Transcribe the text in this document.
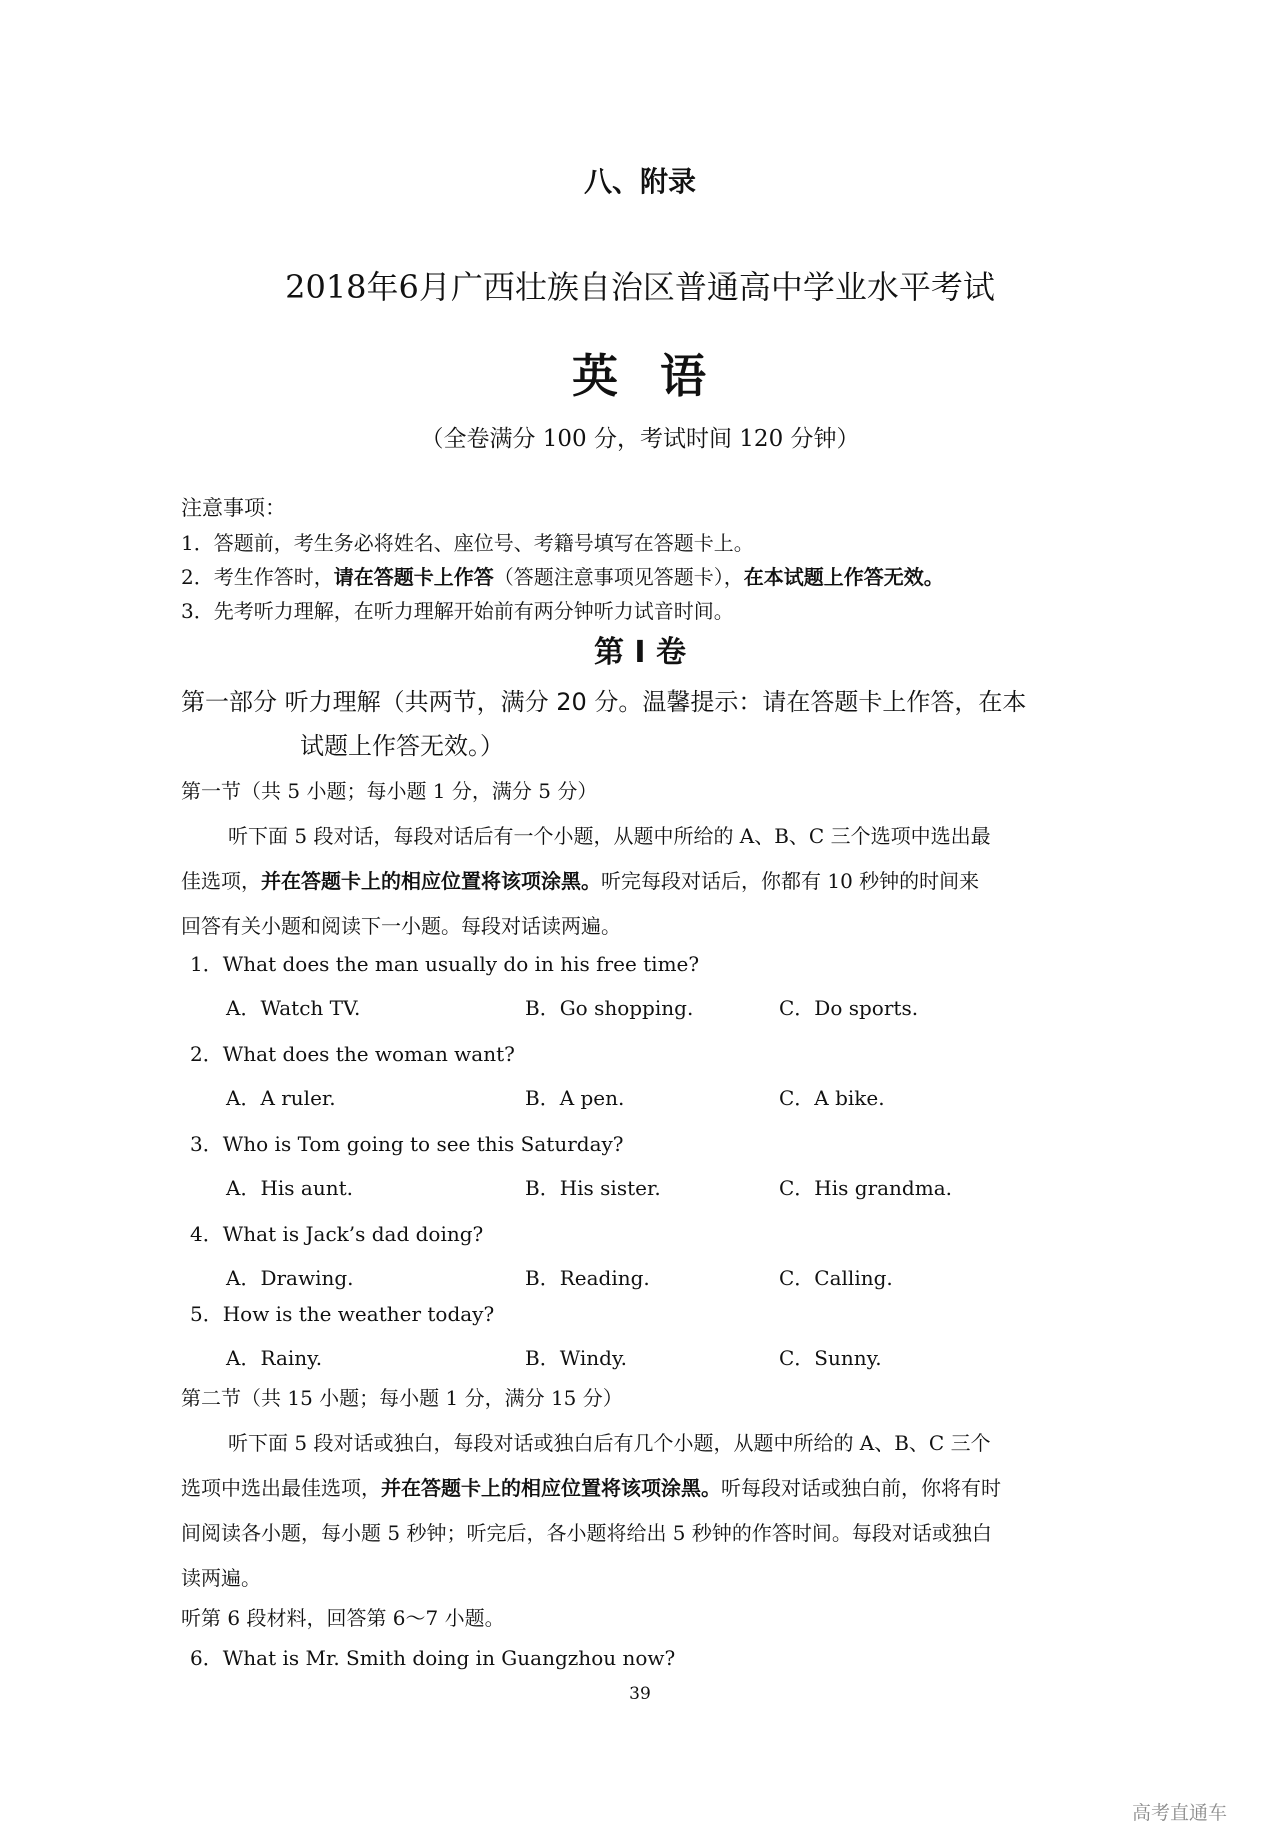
八、附录
2018年6月广西壮族自治区普通高中学业水平考试
英 语
（全卷满分 100 分，考试时间 120 分钟）
注意事项：
1．答题前，考生务必将姓名、座位号、考籍号填写在答题卡上。
2．考生作答时，请在答题卡上作答（答题注意事项见答题卡），在本试题上作答无效。
3．先考听力理解，在听力理解开始前有两分钟听力试音时间。
第 I 卷
第一部分 听力理解（共两节，满分 20 分。温馨提示：请在答题卡上作答，在本
试题上作答无效。）
第一节（共 5 小题；每小题 1 分，满分 5 分）
听下面 5 段对话，每段对话后有一个小题，从题中所给的 A、B、C 三个选项中选出最
佳选项，并在答题卡上的相应位置将该项涂黑。听完每段对话后，你都有 10 秒钟的时间来
回答有关小题和阅读下一小题。每段对话读两遍。
1．What does the man usually do in his free time?
A．Watch TV.	B．Go shopping.	C．Do sports.
2．What does the woman want?
A．A ruler.	B．A pen.	C．A bike.
3．Who is Tom going to see this Saturday?
A．His aunt.	B．His sister.	C．His grandma.
4．What is Jack’s dad doing?
A．Drawing.	B．Reading.	C．Calling.
5．How is the weather today?
A．Rainy.	B．Windy.	C．Sunny.
第二节（共 15 小题；每小题 1 分，满分 15 分）
听下面 5 段对话或独白，每段对话或独白后有几个小题，从题中所给的 A、B、C 三个
选项中选出最佳选项，并在答题卡上的相应位置将该项涂黑。听每段对话或独白前，你将有时
间阅读各小题，每小题 5 秒钟；听完后，各小题将给出 5 秒钟的作答时间。每段对话或独白
读两遍。
听第 6 段材料，回答第 6～7 小题。
6．What is Mr. Smith doing in Guangzhou now?
39
高考直通车
